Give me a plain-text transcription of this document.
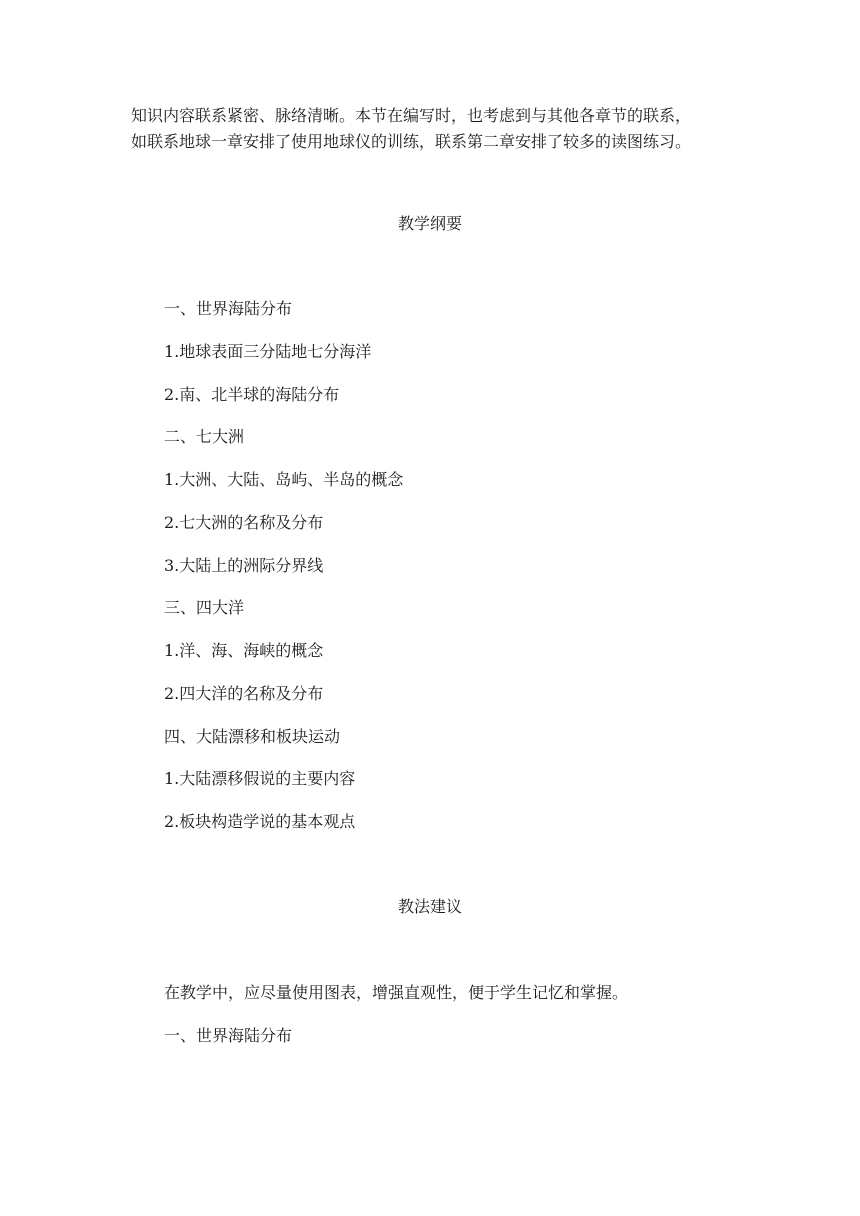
知识内容联系紧密、脉络清晰。本节在编写时，也考虑到与其他各章节的联系，

如联系地球一章安排了使用地球仪的训练，联系第二章安排了较多的读图练习。

教学纲要

一、世界海陆分布

1.地球表面三分陆地七分海洋

2.南、北半球的海陆分布

二、七大洲

1.大洲、大陆、岛屿、半岛的概念

2.七大洲的名称及分布

3.大陆上的洲际分界线

三、四大洋

1.洋、海、海峡的概念

2.四大洋的名称及分布

四、大陆漂移和板块运动

1.大陆漂移假说的主要内容

2.板块构造学说的基本观点

教法建议

在教学中，应尽量使用图表，增强直观性，便于学生记忆和掌握。

一、世界海陆分布
